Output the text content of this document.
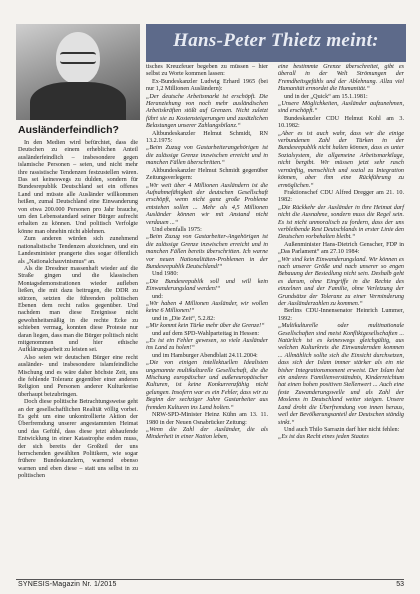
Hans-Peter Thietz meint:
Ausländerfeindlich?

In den Medien wird befürchtet, dass die Deutschen zu einem erheblichen Anteil ausländerfeindlich – insbesondere gegen islamische Personen – seien, und nicht mehr ihre rassistische Tendenzen festzustellen wären. Das sei keineswegs zu dulden, sondern für Bundesrepublik Deutschland sei ein offenes Land und müsste alle Ausländer willkommen heißen, zumal Deutschland eine Einwanderung von etwa 200.000 Personen pro Jahr brauche, um den Lebensstandard seiner Bürger aufrecht erhalten zu können. Und politisch Verfolgte könne man ohnehin nicht ablehnen.

Zum anderen würden sich zunehmend nationalistische Tendenzen abzeichnen, und ein Landesminister prangerte dies sogar öffentlich als „Nationalchauvinismus“ an.

Als die Dresdner massenhaft wieder auf die Straße gingen und die klassischen Montagsdemonstrationen wieder aufleben ließen, die mit dazu beitrugen, die DDR zu stürzen, setzten die führenden politischen Ebenen dem recht ratlos gegenüber. Und nachdem man diese Ereignisse nicht gewohnheitsmäßig in die rechte Ecke zu schieben vermag, konnten diese Proteste nur daran liegen, dass man die Bürger politisch nicht mitgenommen und hier ethische Aufklärungsarbeit zu leisten sei.

Also seien wir deutschen Bürger eine recht ausländer- und insbesondere islamfeindliche Mischung und es wäre daher höchste Zeit, uns die fehlende Toleranz gegenüber einer anderen Religion und Personen anderer Kulturkreise überhaupt beizubringen.

Doch diese politische Betrachtungsweise geht an der gesellschaftlichen Realität völlig vorbei. Es geht um eine unkontrollierte Aktion der Überfremdung unserer angestammten Heimat und das Gefühl, dass diese jetzt abhaufende Entwicklung in einer Katastrophe enden muss, der sich bereits der Großteil der uns herrschenden gewählten Politikern, wie sogar frühere Bundeskanzlern, warnend ebenso warnen und eben diese – statt uns selbst in zu politischen

tisches Kreuzfeuer begeben zu müssen – hier selbst zu Worte kommen lassen:

Ex-Bundeskanzler Ludwig Erhard 1965 (bei nur 1,2 Millionen Ausländern):

„Der deutsche Arbeitsmarkt ist erschöpft. Die Heranziehung von noch mehr ausländischen Arbeitskräften stößt auf Grenzen. Nicht zuletzt führt sie zu Kostensteigerungen und zusätzlichen Belastungen unserer Zahlungsbilanz.“

Altbundeskanzler Helmut Schmidt, RN 13.2.1975:

„Beim Zuzug von Gastarbeiterangehörigen ist die zulässige Grenze inzwischen erreicht und in manchen Fällen überschritten.“

Altbundeskanzler Helmut Schmidt gegenüber Zeitungsverlegern:

„Wir weit über 4 Millionen Ausländern ist die Aufnahmefähigkeit der deutschen Gesellschaft erschöpft, wenn nicht ganz große Probleme entstehen sollen ... Mehr als 4,5 Millionen Ausländer können wir mit Anstand nicht verdauen ...“

Und ebenfalls 1975:

„Beim Zuzug von Gastarbeiter-Angehörigen ist die zulässige Grenze inzwischen erreicht und in manchen Fällen bereits überschritten. Ich warne vor neuen Nationalitäten-Problemen in der Bundesrepublik Deutschland!“

Und 1980:

„Die Bundesrepublik soll und will kein Einwanderungsland werden!“

und:

„Wir haben 4 Millionen Ausländer, wir wollen keine 6 Millionen!“

und in „Die Zeit“, 5.2.82:

„Mir kommt kein Türke mehr über die Grenze!“

und auf dem SPD-Wahlparteitag in Hessen:

„Es ist ein Fehler gewesen, so viele Ausländer ins Land zu holen!“

und im Hamburger Abendblatt 24.11.2004:

„Die von einigen intellektuellen Idealisten ungenannte multikulturelle Gesellschaft, die die Mischung europäischer und außereuropäischer Kulturen, ist keine Konkurrenzfähig nicht gelungen. Insofern war es ein Fehler, dass wir zu Beginn der sechziger Jahre Gastarbeiter aus fremden Kulturen ins Land holten.“

NRW-SPD-Minister Heinz Kühn am 13. 11. 1980 in der Neuen Osnabrücker Zeitung:

„Wenn die Zahl der Ausländer, die als Minderheit in einer Nation leben,

eine bestimmte Grenze überschreitet, gibt es überall in der Welt Strömungen der Fremdheitsgefühls und der Ablehnung. Allzu viel Humanität ermordet die Humanität.“

und in der „Quick“ am 15.1.1981:

„Unsere Möglichkeiten, Ausländer aufzunehmen, sind erschöpft.“

Bundeskanzler CDU Helmut Kohl am 3. 10.1982:

„Aber es ist auch wahr, dass wir die einige verbundenen Zahl der Türken in der Bundesrepublik nicht halten können, dass es unter Sozialsystem, die allgemeine Arbeitsmarktlage, nicht bergibt. Wir müssen jetzt sehr rasch vernünftig, menschlich und sozial zu Integration können, aber ihm eine Rückführung zu ermöglichen.“

Fraktionschef CDU Alfred Dregger am 21. 10. 1982:

„Die Rückkehr der Ausländer in ihre Heimat darf nicht die Ausnahme, sondern muss die Regel sein. Es ist nicht unmoralisch zu fordern, dass der uns verbleibende Rest Deutschlands in erster Linie den Deutschen vorbehalten bleibt.“

Außenminister Hans-Dietrich Genscher, FDP in „Das Parlament“ am 27.10 1984:

„Wir sind kein Einwanderungsland. Wir können es nach unserer Größe und nach unserer so engen Bebauung der Besiedlung nicht sein. Deshalb geht es darum, ohne Eingriffe in die Rechte des einzelnen und der Familie, ohne Verletzung der Grundsätze der Toleranz zu einer Verminderung der Ausländerzahlen zu kommen.“

Berlins CDU-Innensenator Heinrich Lummer, 1992:

„Multikulturelle oder multinationale Gesellschaften sind meist Konfliktgesellschaften ... Natürlich ist es keineswegs gleichgültig, aus welchen Kulturkreis die Einwandernden kommen ... Allmählich sollte sich die Einsicht durchsetzen, dass sich der Islam immer stärker als ein nie bisher Integrationsmoment erweist. Der Islam hat ein anderes Familienverständnis, Kinderreichtum hat einen hohen positiven Stellenwert ... Auch eine feste Zuwanderungswelle und als Zahl der Moslems in Deutschland weiter steigen. Unsere Land droht die Überfremdung von innen heraus, weil der Bevölkerungsanteil der Deutschen ständig sinkt.“

Und auch Thilo Sarrazin darf hier nicht fehlen:

„Es ist das Recht eines jeden Staates

SYNESIS-Magazin Nr. 1/2015	53
